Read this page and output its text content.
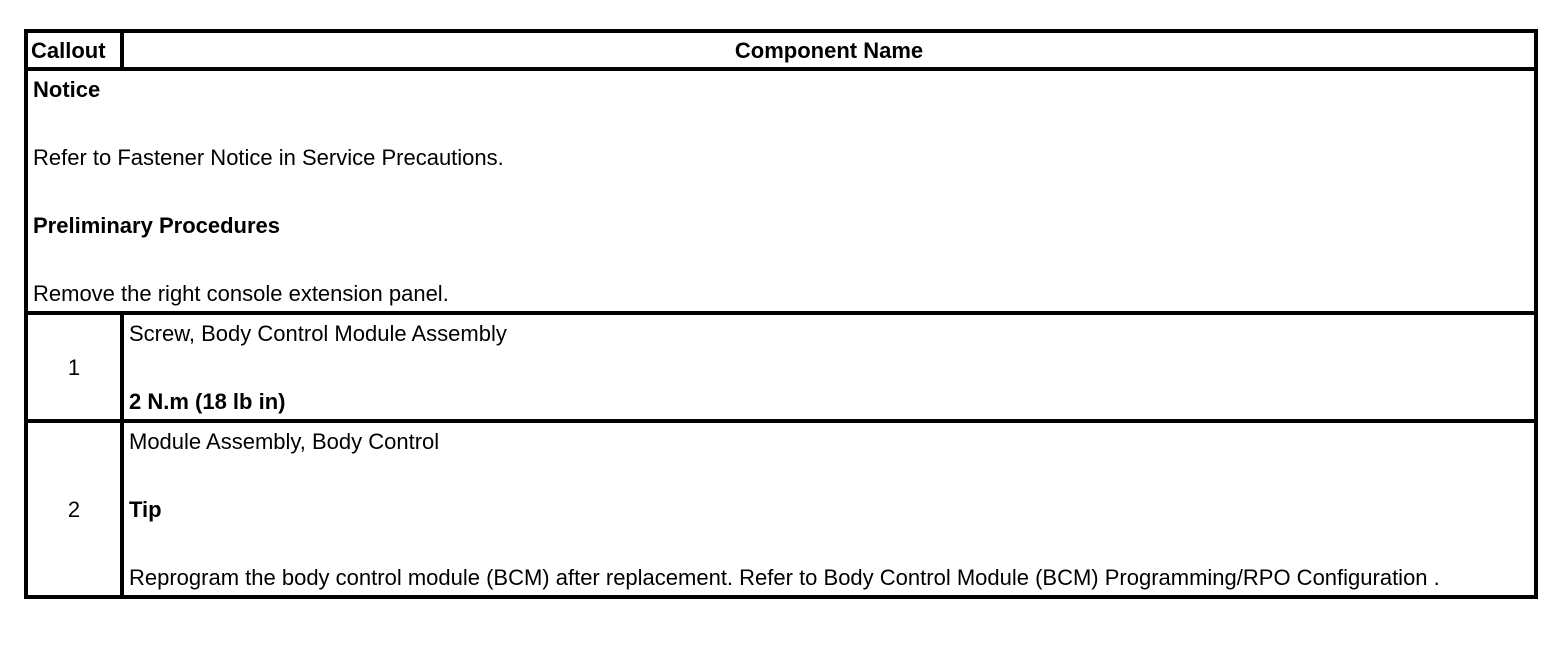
Callout	Component Name

Notice

Refer to Fastener Notice in Service Precautions.

Preliminary Procedures

Remove the right console extension panel.	

1	Screw, Body Control Module Assembly

2 N.m (18 lb in)

2	Module Assembly, Body Control

Tip

Reprogram the body control module (BCM) after replacement. Refer to Body Control Module (BCM) Programming/RPO Configuration .
